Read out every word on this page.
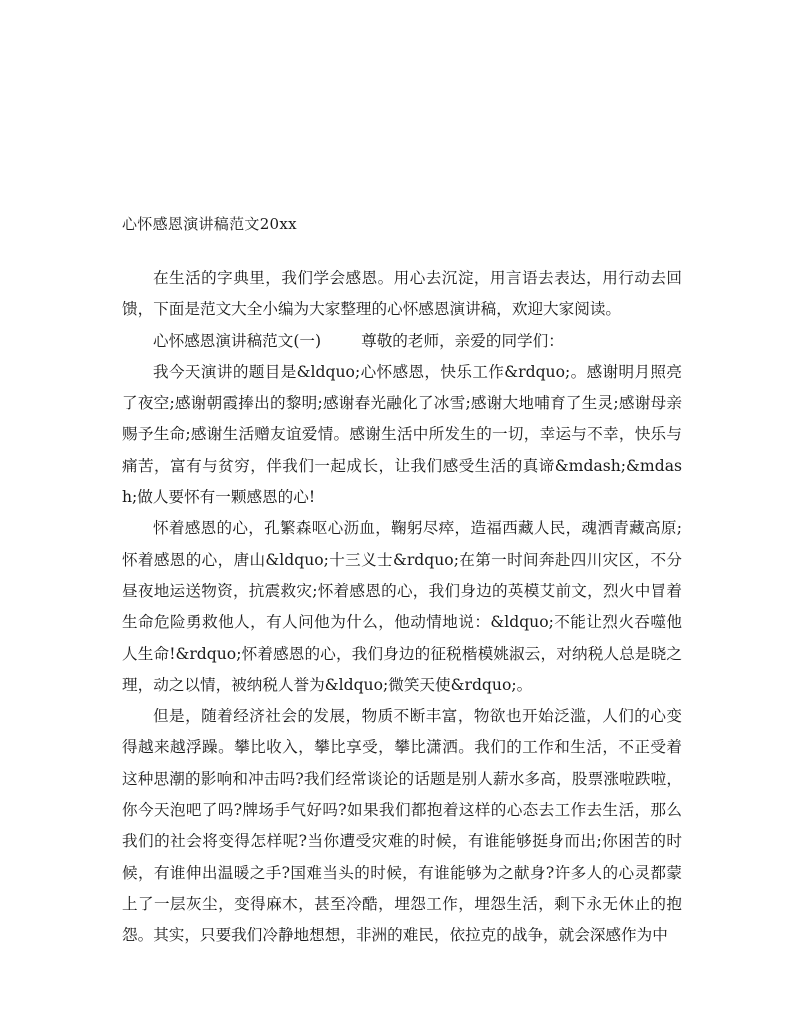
心怀感恩演讲稿范文20xx

在生活的字典里，我们学会感恩。用心去沉淀，用言语去表达，用行动去回馈，下面是范文大全小编为大家整理的心怀感恩演讲稿，欢迎大家阅读。

心怀感恩演讲稿范文(一)	尊敬的老师，亲爱的同学们：

我今天演讲的题目是&ldquo;心怀感恩，快乐工作&rdquo;。感谢明月照亮了夜空;感谢朝霞捧出的黎明;感谢春光融化了冰雪;感谢大地哺育了生灵;感谢母亲赐予生命;感谢生活赠友谊爱情。感谢生活中所发生的一切，幸运与不幸，快乐与痛苦，富有与贫穷，伴我们一起成长，让我们感受生活的真谛&mdash;&mdash;做人要怀有一颗感恩的心!

怀着感恩的心，孔繁森呕心沥血，鞠躬尽瘁，造福西藏人民，魂洒青藏高原;怀着感恩的心，唐山&ldquo;十三义士&rdquo;在第一时间奔赴四川灾区，不分昼夜地运送物资，抗震救灾;怀着感恩的心，我们身边的英模艾前文，烈火中冒着生命危险勇救他人，有人问他为什么，他动情地说：&ldquo;不能让烈火吞噬他人生命!&rdquo;怀着感恩的心，我们身边的征税楷模姚淑云，对纳税人总是晓之理，动之以情，被纳税人誉为&ldquo;微笑天使&rdquo;。

但是，随着经济社会的发展，物质不断丰富，物欲也开始泛滥，人们的心变得越来越浮躁。攀比收入，攀比享受，攀比潇洒。我们的工作和生活，不正受着这种思潮的影响和冲击吗?我们经常谈论的话题是别人薪水多高，股票涨啦跌啦，你今天泡吧了吗?牌场手气好吗?如果我们都抱着这样的心态去工作去生活，那么我们的社会将变得怎样呢?当你遭受灾难的时候，有谁能够挺身而出;你困苦的时候，有谁伸出温暖之手?国难当头的时候，有谁能够为之献身?许多人的心灵都蒙上了一层灰尘，变得麻木，甚至冷酷，埋怨工作，埋怨生活，剩下永无休止的抱怨。其实，只要我们冷静地想想，非洲的难民，依拉克的战争，就会深感作为中
